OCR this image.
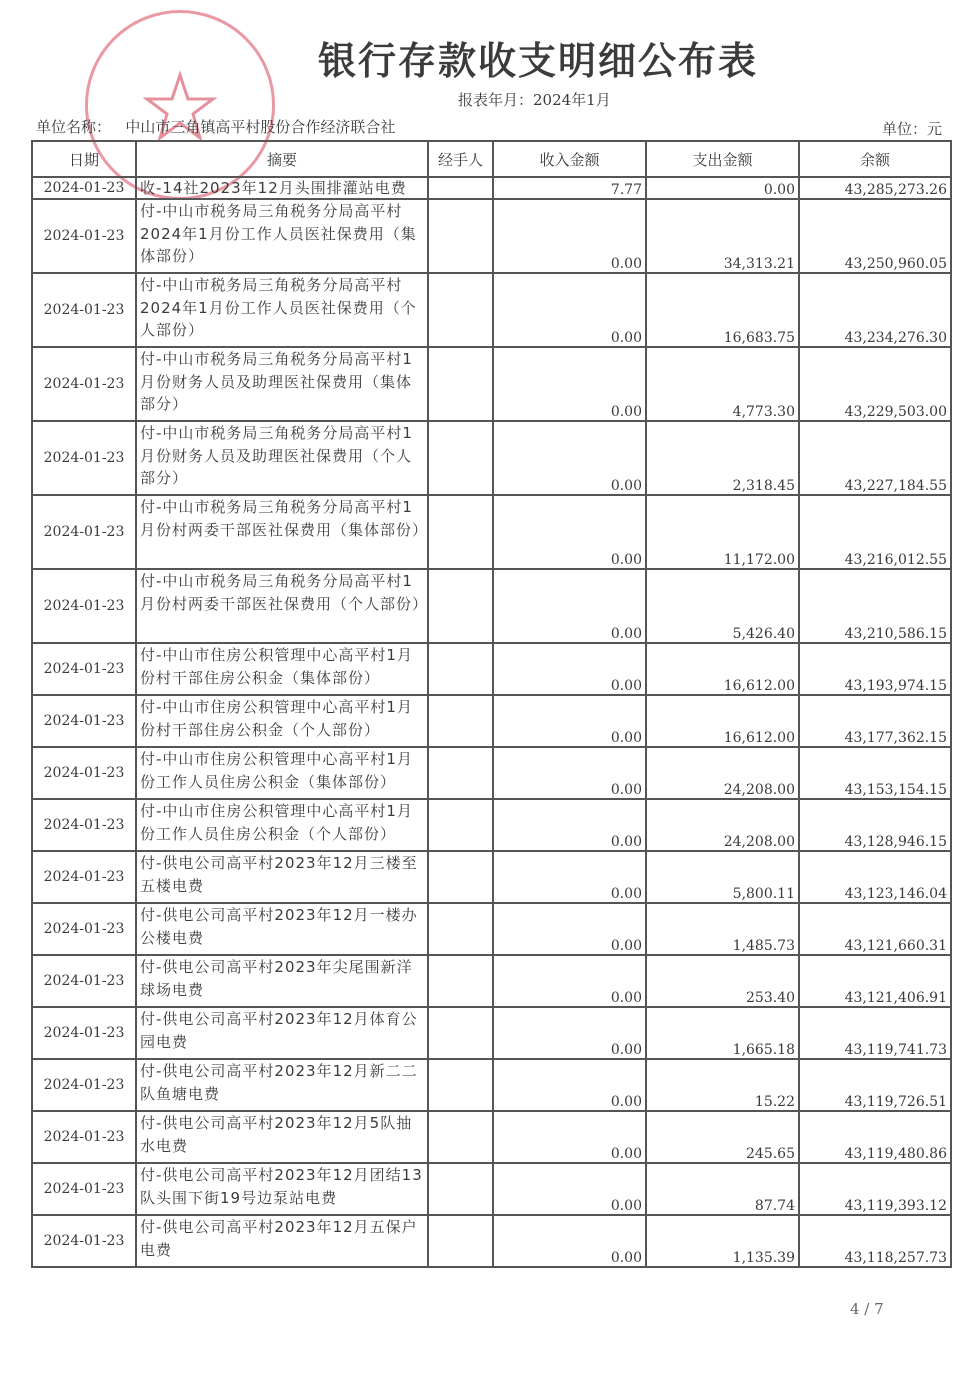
银行存款收支明细公布表
报表年月：2024年1月
单位名称： 中山市三角镇高平村股份合作经济联合社	单位：元
日期	摘要	经手人	收入金额	支出金额	余额
2024-01-23	收-14社2023年12月头围排灌站电费		7.77	0.00	43,285,273.26
2024-01-23	付-中山市税务局三角税务分局高平村2024年1月份工作人员医社保费用（集体部份）		0.00	34,313.21	43,250,960.05
2024-01-23	付-中山市税务局三角税务分局高平村2024年1月份工作人员医社保费用（个人部份）		0.00	16,683.75	43,234,276.30
2024-01-23	付-中山市税务局三角税务分局高平村1月份财务人员及助理医社保费用（集体部分）		0.00	4,773.30	43,229,503.00
2024-01-23	付-中山市税务局三角税务分局高平村1月份财务人员及助理医社保费用（个人部分）		0.00	2,318.45	43,227,184.55
2024-01-23	付-中山市税务局三角税务分局高平村1月份村两委干部医社保费用（集体部份）		0.00	11,172.00	43,216,012.55
2024-01-23	付-中山市税务局三角税务分局高平村1月份村两委干部医社保费用（个人部份）		0.00	5,426.40	43,210,586.15
2024-01-23	付-中山市住房公积管理中心高平村1月份村干部住房公积金（集体部份）		0.00	16,612.00	43,193,974.15
2024-01-23	付-中山市住房公积管理中心高平村1月份村干部住房公积金（个人部份）		0.00	16,612.00	43,177,362.15
2024-01-23	付-中山市住房公积管理中心高平村1月份工作人员住房公积金（集体部份）		0.00	24,208.00	43,153,154.15
2024-01-23	付-中山市住房公积管理中心高平村1月份工作人员住房公积金（个人部份）		0.00	24,208.00	43,128,946.15
2024-01-23	付-供电公司高平村2023年12月三楼至五楼电费		0.00	5,800.11	43,123,146.04
2024-01-23	付-供电公司高平村2023年12月一楼办公楼电费		0.00	1,485.73	43,121,660.31
2024-01-23	付-供电公司高平村2023年尖尾围新洋球场电费		0.00	253.40	43,121,406.91
2024-01-23	付-供电公司高平村2023年12月体育公园电费		0.00	1,665.18	43,119,741.73
2024-01-23	付-供电公司高平村2023年12月新二二队鱼塘电费		0.00	15.22	43,119,726.51
2024-01-23	付-供电公司高平村2023年12月5队抽水电费		0.00	245.65	43,119,480.86
2024-01-23	付-供电公司高平村2023年12月团结13队头围下街19号边泵站电费		0.00	87.74	43,119,393.12
2024-01-23	付-供电公司高平村2023年12月五保户电费		0.00	1,135.39	43,118,257.73
4 / 7
